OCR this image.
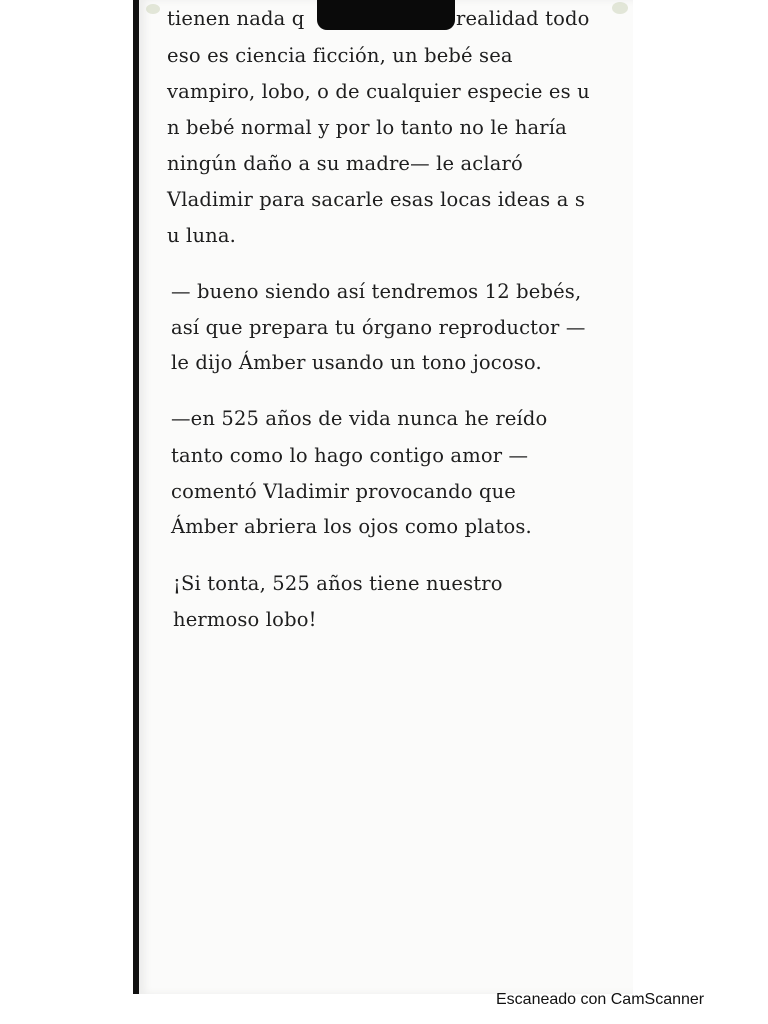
tienen nada q	realidad todo
eso es ciencia ficción, un bebé sea
vampiro, lobo, o de cualquier especie es u
n bebé normal y por lo tanto no le haría
ningún daño a su madre— le aclaró
Vladimir para sacarle esas locas ideas a s
u luna.
— bueno siendo así tendremos 12 bebés,
así que prepara tu órgano reproductor —
le dijo Ámber usando un tono jocoso.
—en 525 años de vida nunca he reído
tanto como lo hago contigo amor —
comentó Vladimir provocando que
Ámber abriera los ojos como platos.
¡Si tonta, 525 años tiene nuestro
hermoso lobo!
Escaneado con CamScanner
